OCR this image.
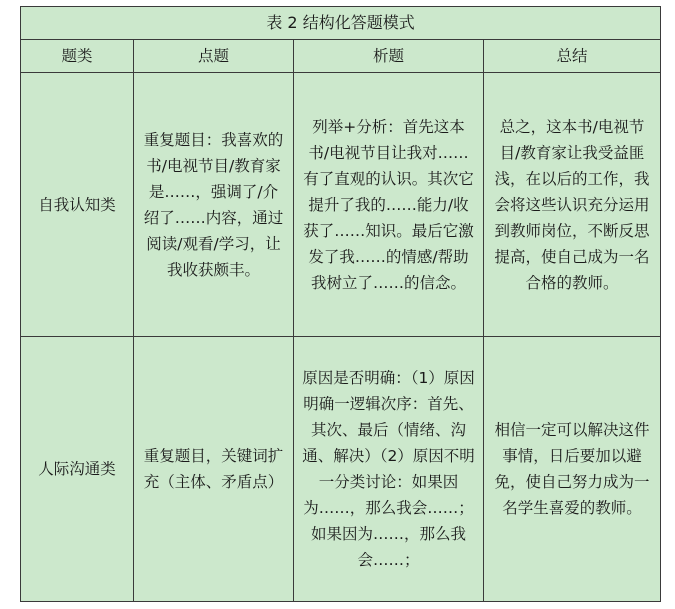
表 2 结构化答题模式			
题类	点题	析题	总结

自我认知类	重复题目：我喜欢的书/电视节目/教育家是……，强调了/介绍了……内容，通过阅读/观看/学习，让我收获颇丰。	列举+分析：首先这本书/电视节目让我对……有了直观的认识。其次它提升了我的……能力/收获了……知识。最后它激发了我……的情感/帮助我树立了……的信念。	总之，这本书/电视节目/教育家让我受益匪浅，在以后的工作，我会将这些认识充分运用到教师岗位，不断反思提高，使自己成为一名合格的教师。

人际沟通类	重复题目，关键词扩充（主体、矛盾点）	原因是否明确：（1）原因明确一逻辑次序：首先、其次、最后（情绪、沟通、解决）（2）原因不明一分类讨论：如果因为……，那么我会……；如果因为……，那么我会……；	相信一定可以解决这件事情，日后要加以避免，使自己努力成为一名学生喜爱的教师。
